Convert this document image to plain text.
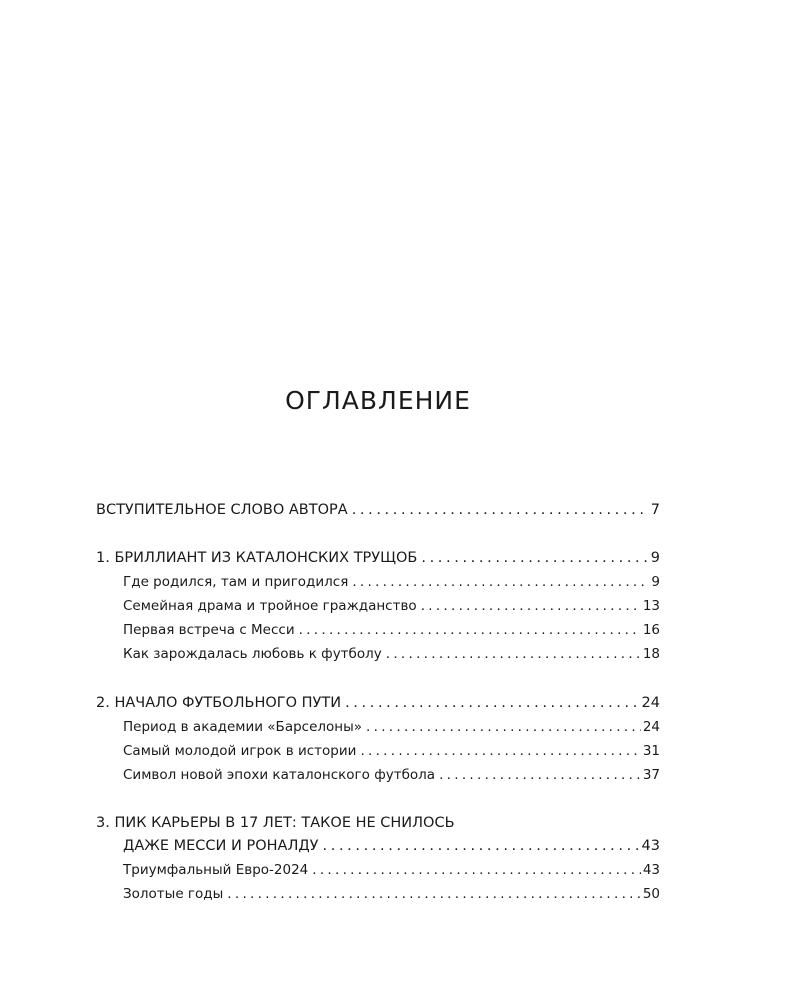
ОГЛАВЛЕНИЕ
ВСТУПИТЕЛЬНОЕ СЛОВО АВТОРА . . .	7
1. БРИЛЛИАНТ ИЗ КАТАЛОНСКИХ ТРУЩОБ . . .	9
Где родился, там и пригодился . . .	9
Семейная драма и тройное гражданство . . .	13
Первая встреча с Месси . . .	16
Как зарождалась любовь к футболу . . .	18
2. НАЧАЛО ФУТБОЛЬНОГО ПУТИ . . .	24
Период в академии «Барселоны» . . .	24
Самый молодой игрок в истории . . .	31
Символ новой эпохи каталонского футбола . . .	37
3. ПИК КАРЬЕРЫ В 17 ЛЕТ: ТАКОЕ НЕ СНИЛОСЬ
ДАЖЕ МЕССИ И РОНАЛДУ . . .	43
Триумфальный Евро-2024 . . .	43
Золотые годы . . .	50
